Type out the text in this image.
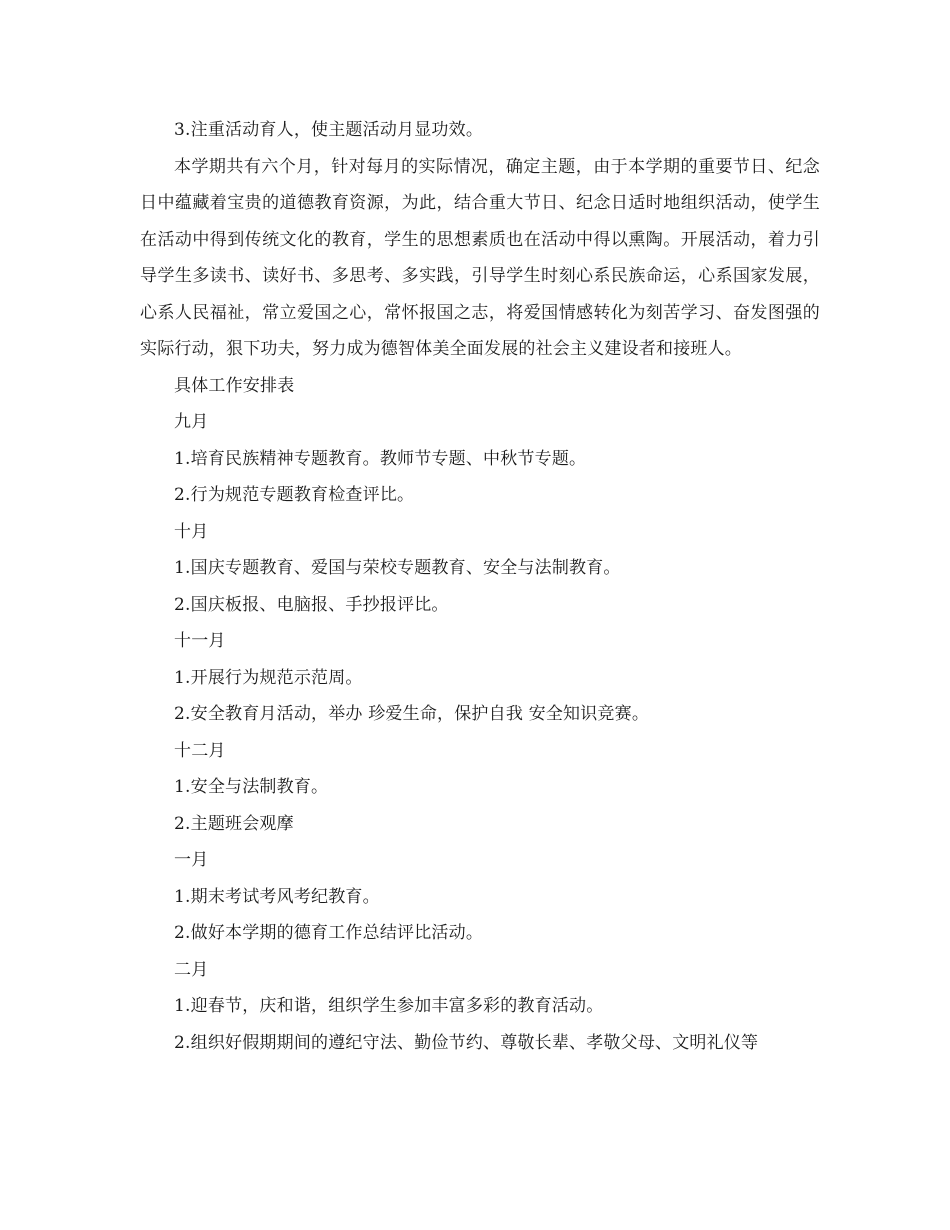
3.注重活动育人，使主题活动月显功效。

本学期共有六个月，针对每月的实际情况，确定主题，由于本学期的重要节日、纪念日中蕴藏着宝贵的道德教育资源，为此，结合重大节日、纪念日适时地组织活动，使学生在活动中得到传统文化的教育，学生的思想素质也在活动中得以熏陶。开展活动，着力引导学生多读书、读好书、多思考、多实践，引导学生时刻心系民族命运，心系国家发展，心系人民福祉，常立爱国之心，常怀报国之志，将爱国情感转化为刻苦学习、奋发图强的实际行动，狠下功夫，努力成为德智体美全面发展的社会主义建设者和接班人。

具体工作安排表

九月

1.培育民族精神专题教育。教师节专题、中秋节专题。

2.行为规范专题教育检查评比。

十月

1.国庆专题教育、爱国与荣校专题教育、安全与法制教育。

2.国庆板报、电脑报、手抄报评比。

十一月

1.开展行为规范示范周。

2.安全教育月活动，举办 珍爱生命，保护自我 安全知识竞赛。

十二月

1.安全与法制教育。

2.主题班会观摩

一月

1.期末考试考风考纪教育。

2.做好本学期的德育工作总结评比活动。

二月

1.迎春节，庆和谐，组织学生参加丰富多彩的教育活动。

2.组织好假期期间的遵纪守法、勤俭节约、尊敬长辈、孝敬父母、文明礼仪等
